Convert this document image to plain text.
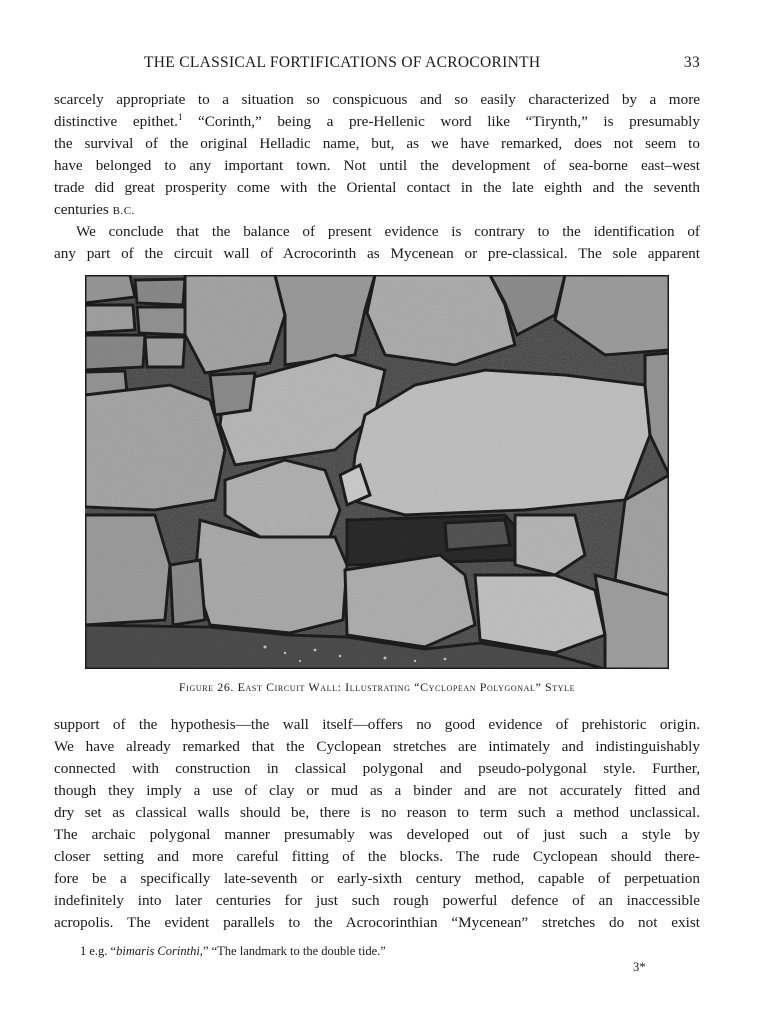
THE CLASSICAL FORTIFICATIONS OF ACROCORINTH	33
scarcely appropriate to a situation so conspicuous and so easily characterized by a more
distinctive epithet.$^1$ “Corinth,” being a pre-Hellenic word like “Tirynth,” is presumably
the survival of the original Helladic name, but, as we have remarked, does not seem to
have belonged to any important town. Not until the development of sea-borne east–west
trade did great prosperity come with the Oriental contact in the late eighth and the seventh
centuries B.C.
We conclude that the balance of present evidence is contrary to the identification of
any part of the circuit wall of Acrocorinth as Mycenean or pre-classical. The sole apparent
Figure 26. East Circuit Wall: Illustrating “Cyclopean Polygonal” Style
support of the hypothesis—the wall itself—offers no good evidence of prehistoric origin.
We have already remarked that the Cyclopean stretches are intimately and indistinguishably
connected with construction in classical polygonal and pseudo-polygonal style. Further,
though they imply a use of clay or mud as a binder and are not accurately fitted and
dry set as classical walls should be, there is no reason to term such a method unclassical.
The archaic polygonal manner presumably was developed out of just such a style by
closer setting and more careful fitting of the blocks. The rude Cyclopean should there-
fore be a specifically late-seventh or early-sixth century method, capable of perpetuation
indefinitely into later centuries for just such rough powerful defence of an inaccessible
acropolis. The evident parallels to the Acrocorinthian “Mycenean” stretches do not exist
1 e.g. “bimaris Corinthi,” “The landmark to the double tide.”
3*
